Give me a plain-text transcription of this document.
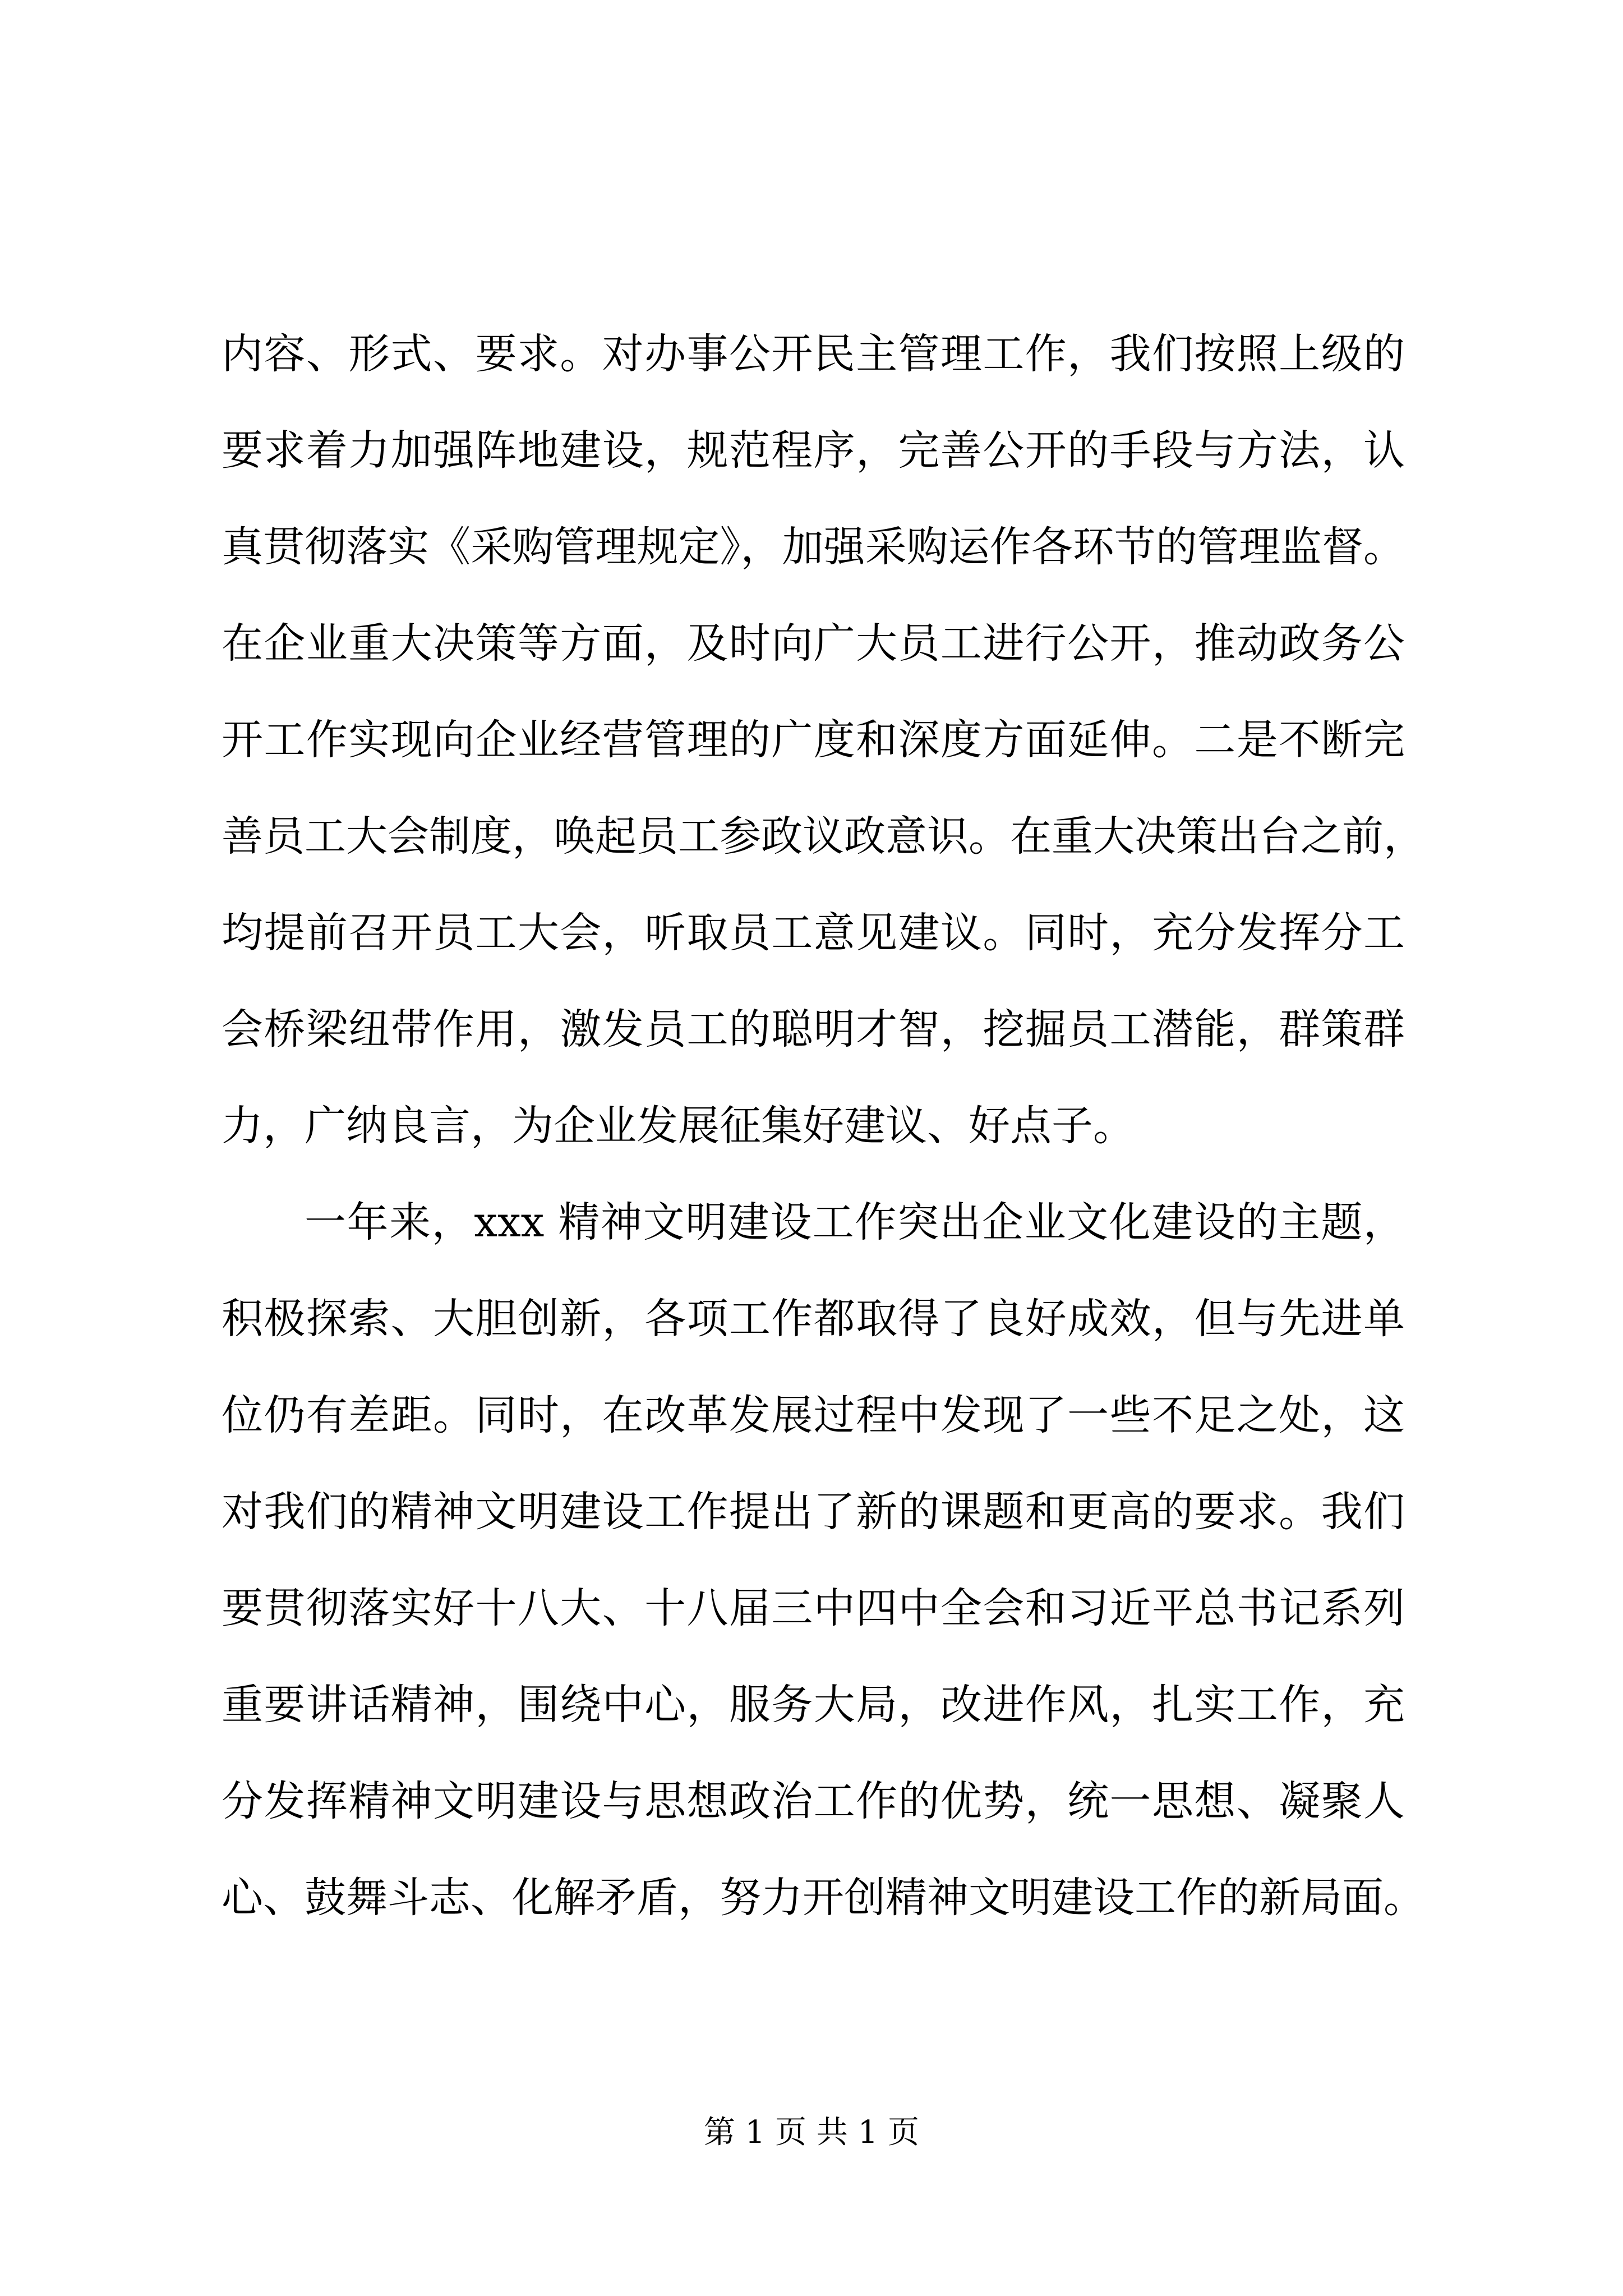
内容、形式、要求。对办事公开民主管理工作，我们按照上级的
要求着力加强阵地建设，规范程序，完善公开的手段与方法，认
真贯彻落实《采购管理规定》，加强采购运作各环节的管理监督。
在企业重大决策等方面，及时向广大员工进行公开，推动政务公
开工作实现向企业经营管理的广度和深度方面延伸。二是不断完
善员工大会制度，唤起员工参政议政意识。在重大决策出台之前，
均提前召开员工大会，听取员工意见建议。同时，充分发挥分工
会桥梁纽带作用，激发员工的聪明才智，挖掘员工潜能，群策群
力，广纳良言，为企业发展征集好建议、好点子。

一年来，xxx 精神文明建设工作突出企业文化建设的主题，
积极探索、大胆创新，各项工作都取得了良好成效，但与先进单
位仍有差距。同时，在改革发展过程中发现了一些不足之处，这
对我们的精神文明建设工作提出了新的课题和更高的要求。我们
要贯彻落实好十八大、十八届三中四中全会和习近平总书记系列
重要讲话精神，围绕中心，服务大局，改进作风，扎实工作，充
分发挥精神文明建设与思想政治工作的优势，统一思想、凝聚人
心、鼓舞斗志、化解矛盾，努力开创精神文明建设工作的新局面。

第 1 页 共 1 页
